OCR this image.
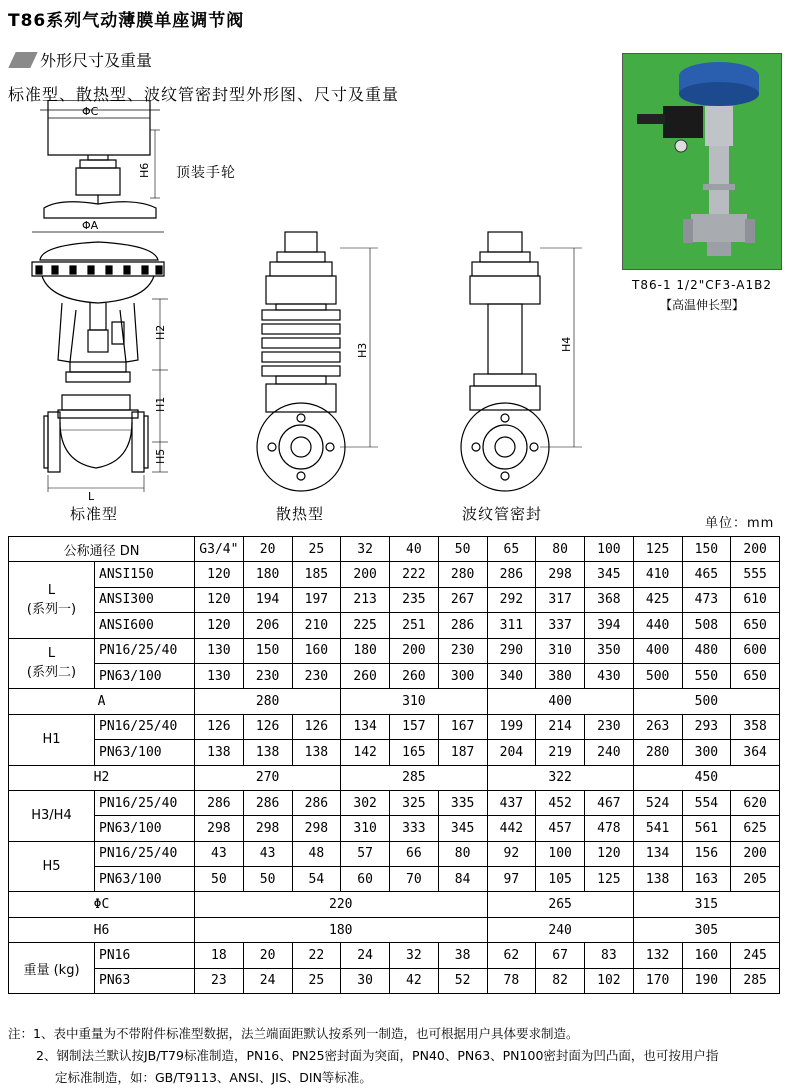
T86系列气动薄膜单座调节阀
外形尺寸及重量
标准型、散热型、波纹管密封型外形图、尺寸及重量
ΦC
ΦA
L
H6
H2
H1
H5
H3	H4
顶装手轮
标准型	散热型	波纹管密封
T86-1 1/2"CF3-A1B2
【高温伸长型】
单位：mm
公称通径 DN		G3/4"	20	25	32	40	50	65	80	100	125	150	200
L
(系列一)	ANSI150	120	180	185	200	222	280	286	298	345	410	465	555
	ANSI300	120	194	197	213	235	267	292	317	368	425	473	610
	ANSI600	120	206	210	225	251	286	311	337	394	440	508	650
L
(系列二)	PN16/25/40	130	150	160	180	200	230	290	310	350	400	480	600
	PN63/100	130	230	230	260	260	300	340	380	430	500	550	650
A		280			310			400			500		
H1	PN16/25/40	126	126	126	134	157	167	199	214	230	263	293	358
	PN63/100	138	138	138	142	165	187	204	219	240	280	300	364
H2		270			285			322			450		
H3/H4	PN16/25/40	286	286	286	302	325	335	437	452	467	524	554	620
	PN63/100	298	298	298	310	333	345	442	457	478	541	561	625
H5	PN16/25/40	43	43	48	57	66	80	92	100	120	134	156	200
	PN63/100	50	50	54	60	70	84	97	105	125	138	163	205
ΦC		220						265			315		
H6		180						240			305		
重量 (kg)	PN16	18	20	22	24	32	38	62	67	83	132	160	245
	PN63	23	24	25	30	42	52	78	82	102	170	190	285
注：1、表中重量为不带附件标准型数据，法兰端面距默认按系列一制造，也可根据用户具体要求制造。
2、钢制法兰默认按JB/T79标准制造，PN16、PN25密封面为突面，PN40、PN63、PN100密封面为凹凸面，也可按用户指
定标准制造，如：GB/T9113、ANSI、JIS、DIN等标准。
